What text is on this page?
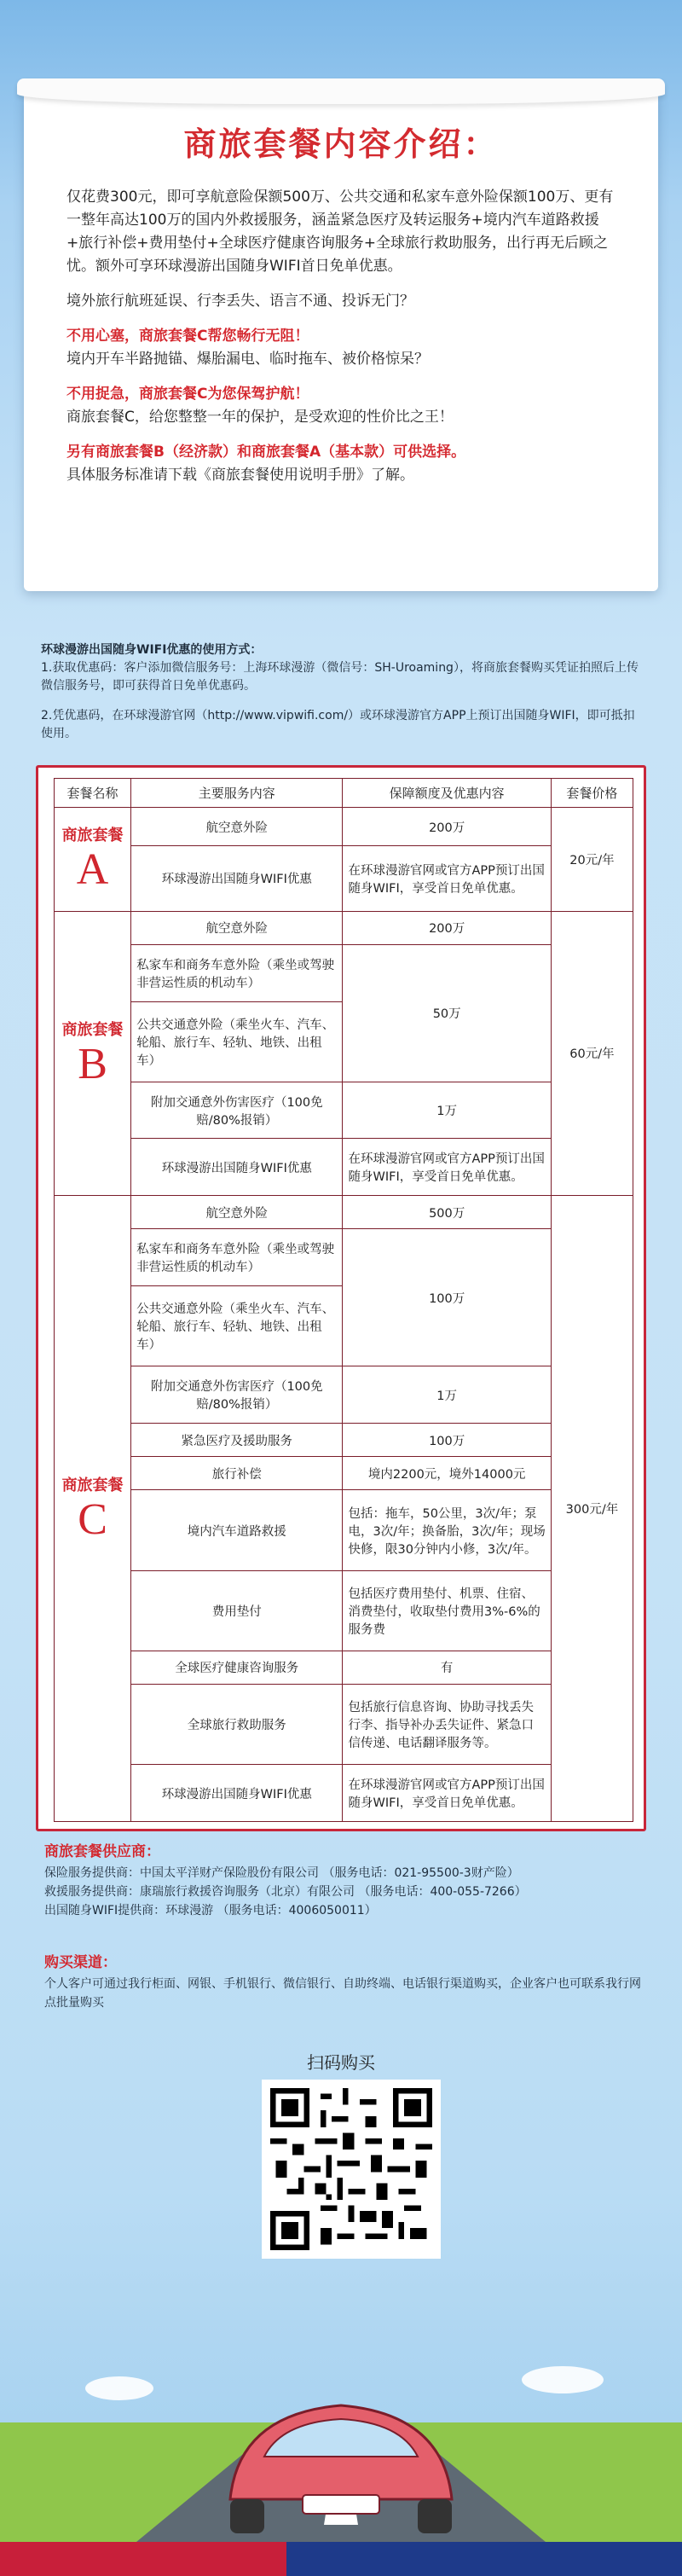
商旅套餐内容介绍：

仅花费300元，即可享航意险保额500万、公共交通和私家车意外险保额100万、更有一整年高达100万的国内外救援服务，涵盖紧急医疗及转运服务+境内汽车道路救援+旅行补偿+费用垫付+全球医疗健康咨询服务+全球旅行救助服务，出行再无后顾之忧。额外可享环球漫游出国随身WIFI首日免单优惠。

境外旅行航班延误、行李丢失、语言不通、投诉无门？

不用心塞，商旅套餐C帮您畅行无阻！
境内开车半路抛锚、爆胎漏电、临时拖车、被价格惊呆？

不用捉急，商旅套餐C为您保驾护航！
商旅套餐C，给您整整一年的保护，是受欢迎的性价比之王！

另有商旅套餐B（经济款）和商旅套餐A（基本款）可供选择。
具体服务标准请下载《商旅套餐使用说明手册》了解。

环球漫游出国随身WIFI优惠的使用方式：
1.获取优惠码：客户添加微信服务号：上海环球漫游（微信号：SH-Uroaming），将商旅套餐购买凭证拍照后上传微信服务号，即可获得首日免单优惠码。
2.凭优惠码，在环球漫游官网（http://www.vipwifi.com/）或环球漫游官方APP上预订出国随身WIFI，即可抵扣使用。
套餐名称	主要服务内容	保障额度及优惠内容	套餐价格
商旅套餐
A	航空意外险	200万	20元/年
	环球漫游出国随身WIFI优惠	在环球漫游官网或官方APP预订出国随身WIFI，享受首日免单优惠。	
商旅套餐
B	航空意外险	200万	60元/年
	私家车和商务车意外险（乘坐或驾驶非营运性质的机动车）	50万	
	公共交通意外险（乘坐火车、汽车、轮船、旅行车、轻轨、地铁、出租车）		
	附加交通意外伤害医疗（100免赔/80%报销）	1万	
	环球漫游出国随身WIFI优惠	在环球漫游官网或官方APP预订出国随身WIFI，享受首日免单优惠。	
商旅套餐
C	航空意外险	500万	300元/年
	私家车和商务车意外险（乘坐或驾驶非营运性质的机动车）	100万	
	公共交通意外险（乘坐火车、汽车、轮船、旅行车、轻轨、地铁、出租车）		
	附加交通意外伤害医疗（100免赔/80%报销）	1万	
	紧急医疗及援助服务	100万	
	旅行补偿	境内2200元，境外14000元	
	境内汽车道路救援	包括：拖车，50公里，3次/年；泵电，3次/年；换备胎，3次/年；现场快修，限30分钟内小修，3次/年。	
	费用垫付	包括医疗费用垫付、机票、住宿、消费垫付，收取垫付费用3%-6%的服务费	
	全球医疗健康咨询服务	有	
	全球旅行救助服务	包括旅行信息咨询、协助寻找丢失行李、指导补办丢失证件、紧急口信传递、电话翻译服务等。	
	环球漫游出国随身WIFI优惠	在环球漫游官网或官方APP预订出国随身WIFI，享受首日免单优惠。	
商旅套餐供应商：
保险服务提供商：中国太平洋财产保险股份有限公司 （服务电话：021-95500-3财产险）
救援服务提供商：康瑞旅行救援咨询服务（北京）有限公司 （服务电话：400-055-7266）
出国随身WIFI提供商：环球漫游 （服务电话：4006050011）
购买渠道：
个人客户可通过我行柜面、网银、手机银行、微信银行、自助终端、电话银行渠道购买，企业客户也可联系我行网点批量购买
扫码购买
